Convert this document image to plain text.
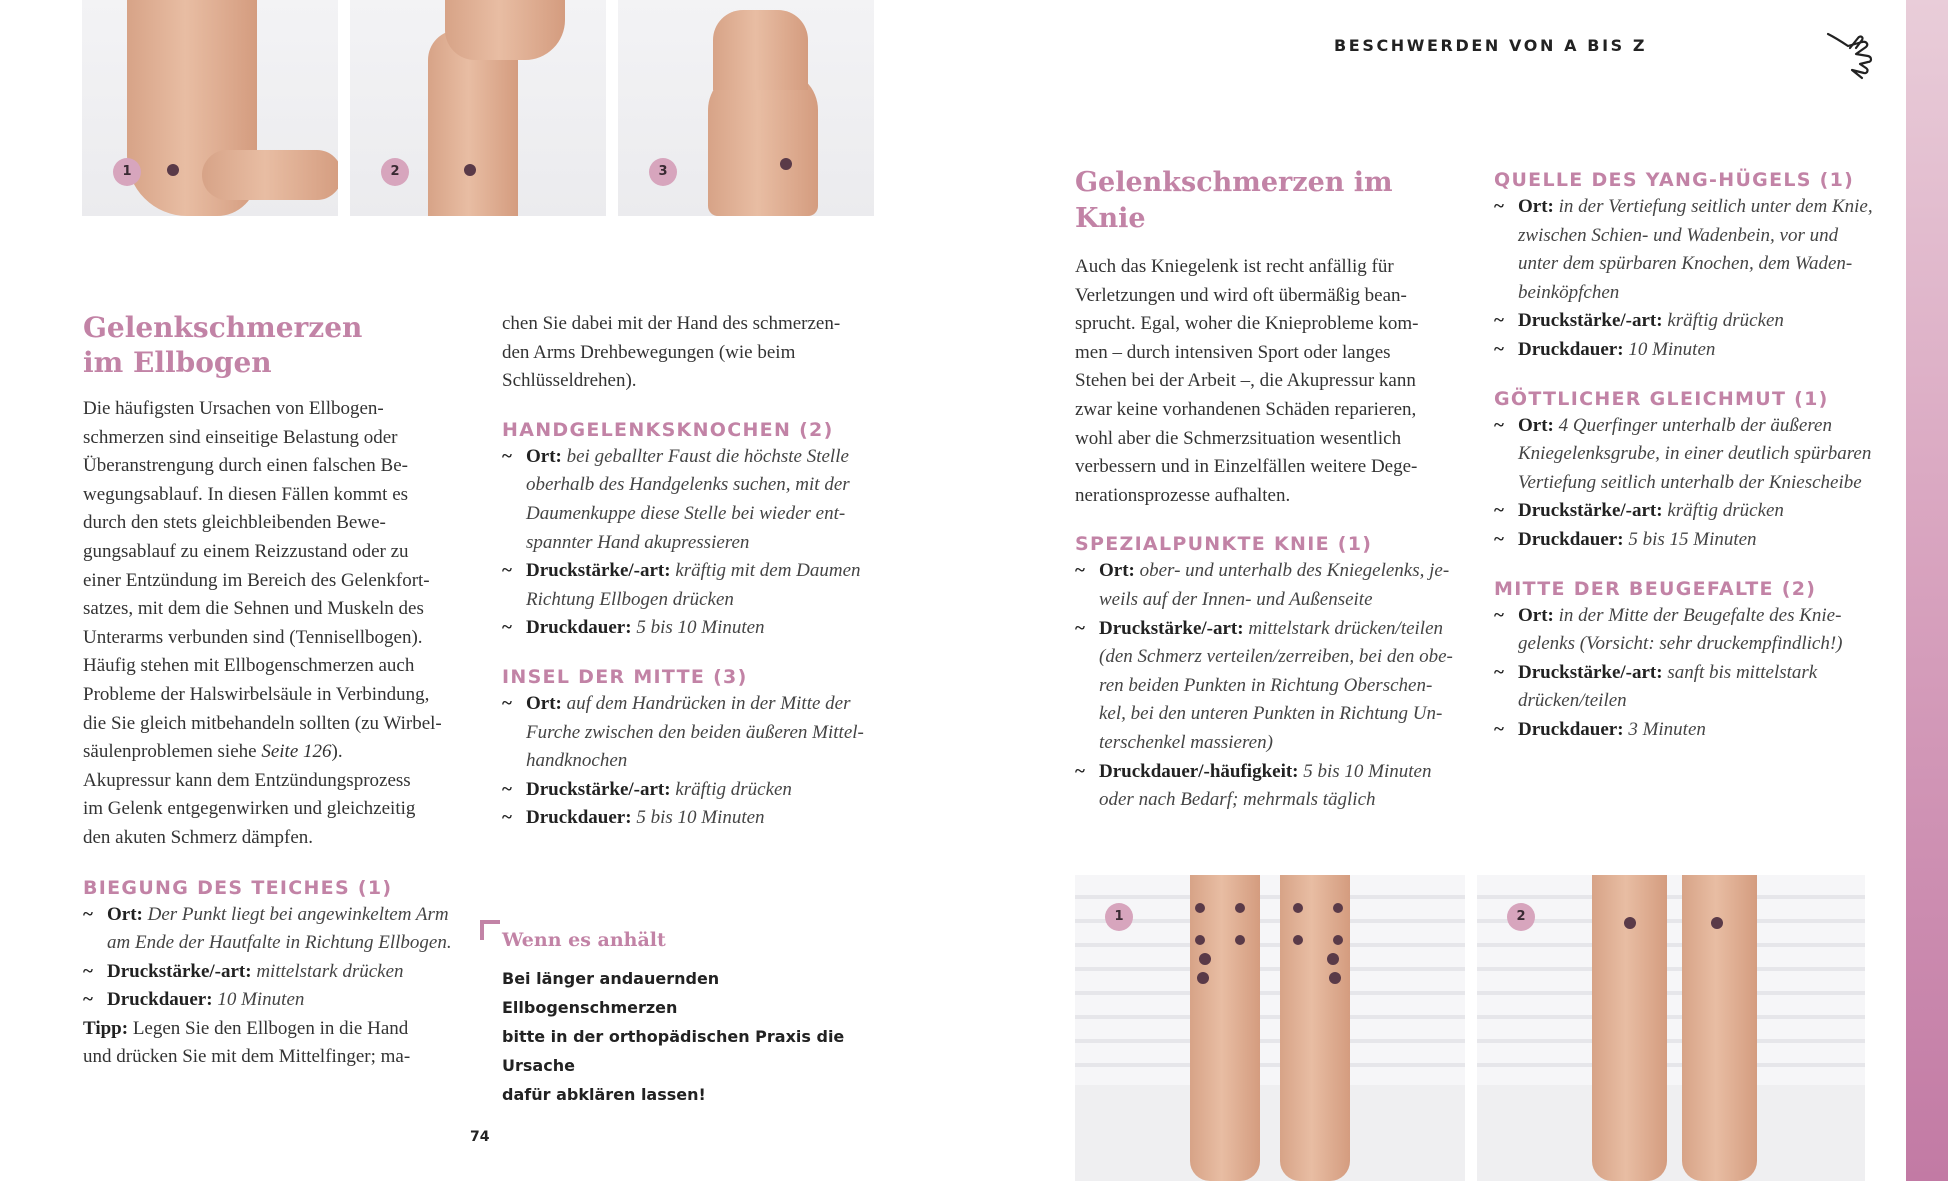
1	2	3
Gelenkschmerzen
im Ellbogen
Die häufigsten Ursachen von Ellbogen-
schmerzen sind einseitige Belastung oder
Überanstrengung durch einen falschen Be-
wegungsablauf. In diesen Fällen kommt es
durch den stets gleichbleibenden Bewe-
gungsablauf zu einem Reizzustand oder zu
einer Entzündung im Bereich des Gelenkfort-
satzes, mit dem die Sehnen und Muskeln des
Unterarms verbunden sind (Tennisellbogen).
Häufig stehen mit Ellbogenschmerzen auch
Probleme der Halswirbelsäule in Verbindung,
die Sie gleich mitbehandeln sollten (zu Wirbel-
säulenproblemen siehe Seite 126).
Akupressur kann dem Entzündungsprozess
im Gelenk entgegenwirken und gleichzeitig
den akuten Schmerz dämpfen.
BIEGUNG DES TEICHES (1)
~ Ort: Der Punkt liegt bei angewinkeltem Arm
am Ende der Hautfalte in Richtung Ellbogen.
~ Druckstärke/-art: mittelstark drücken
~ Druckdauer: 10 Minuten
Tipp: Legen Sie den Ellbogen in die Hand
und drücken Sie mit dem Mittelfinger; ma-
chen Sie dabei mit der Hand des schmerzen-
den Arms Drehbewegungen (wie beim
Schlüsseldrehen).
HANDGELENKSKNOCHEN (2)
~ Ort: bei geballter Faust die höchste Stelle
oberhalb des Handgelenks suchen, mit der
Daumenkuppe diese Stelle bei wieder ent-
spannter Hand akupressieren
~ Druckstärke/-art: kräftig mit dem Daumen
Richtung Ellbogen drücken
~ Druckdauer: 5 bis 10 Minuten
INSEL DER MITTE (3)
~ Ort: auf dem Handrücken in der Mitte der
Furche zwischen den beiden äußeren Mittel-
handknochen
~ Druckstärke/-art: kräftig drücken
~ Druckdauer: 5 bis 10 Minuten
Wenn es anhält
Bei länger andauernden Ellbogenschmerzen
bitte in der orthopädischen Praxis die Ursache
dafür abklären lassen!
74
BESCHWERDEN VON A BIS Z
Gelenkschmerzen im Knie
Auch das Kniegelenk ist recht anfällig für
Verletzungen und wird oft übermäßig bean-
sprucht. Egal, woher die Knieprobleme kom-
men – durch intensiven Sport oder langes
Stehen bei der Arbeit –, die Akupressur kann
zwar keine vorhandenen Schäden reparieren,
wohl aber die Schmerzsituation wesentlich
verbessern und in Einzelfällen weitere Dege-
nerationsprozesse aufhalten.
SPEZIALPUNKTE KNIE (1)
~ Ort: ober- und unterhalb des Kniegelenks, je-
weils auf der Innen- und Außenseite
~ Druckstärke/-art: mittelstark drücken/teilen
(den Schmerz verteilen/zerreiben, bei den obe-
ren beiden Punkten in Richtung Oberschen-
kel, bei den unteren Punkten in Richtung Un-
terschenkel massieren)
~ Druckdauer/-häufigkeit: 5 bis 10 Minuten
oder nach Bedarf; mehrmals täglich
QUELLE DES YANG-HÜGELS (1)
~ Ort: in der Vertiefung seitlich unter dem Knie,
zwischen Schien- und Wadenbein, vor und
unter dem spürbaren Knochen, dem Waden-
beinköpfchen
~ Druckstärke/-art: kräftig drücken
~ Druckdauer: 10 Minuten
GÖTTLICHER GLEICHMUT (1)
~ Ort: 4 Querfinger unterhalb der äußeren
Kniegelenksgrube, in einer deutlich spürbaren
Vertiefung seitlich unterhalb der Kniescheibe
~ Druckstärke/-art: kräftig drücken
~ Druckdauer: 5 bis 15 Minuten
MITTE DER BEUGEFALTE (2)
~ Ort: in der Mitte der Beugefalte des Knie-
gelenks (Vorsicht: sehr druckempfindlich!)
~ Druckstärke/-art: sanft bis mittelstark
drücken/teilen
~ Druckdauer: 3 Minuten
1	2
